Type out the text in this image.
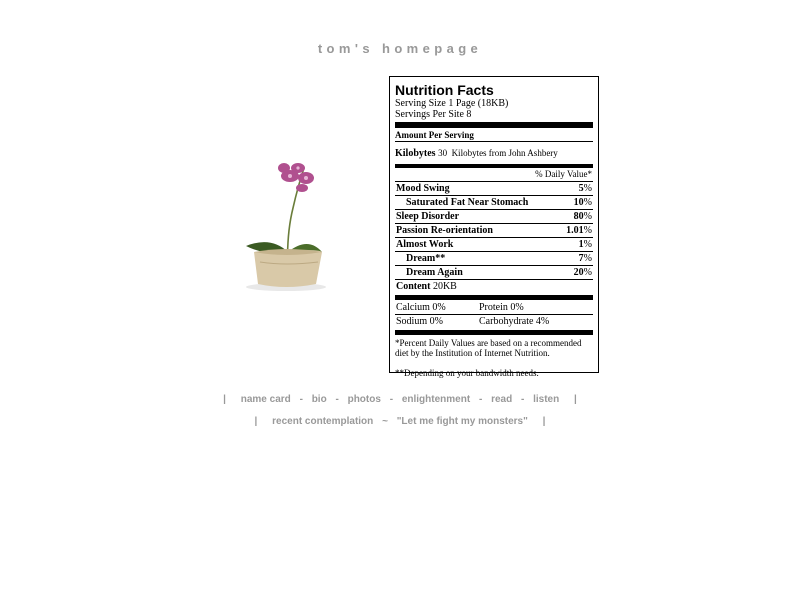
tom's homepage
Nutrition Facts
Serving Size 1 Page (18KB)
Servings Per Site 8
Amount Per Serving
Kilobytes 30  Kilobytes from John Ashbery
% Daily Value*
Mood Swing	5%
Saturated Fat Near Stomach	10%
Sleep Disorder	80%
Passion Re-orientation	1.01%
Almost Work	1%
Dream**	7%
Dream Again	20%
Content 20KB
Calcium 0%	Protein 0%
Sodium 0%	Carbohydrate 4%

*Percent Daily Values are based on a recommended diet by the Institution of Internet Nutrition.

**Depending on your bandwidth needs.

| name card - bio - photos - enlightenment - read - listen |
| recent contemplation ~ "Let me fight my monsters" |
